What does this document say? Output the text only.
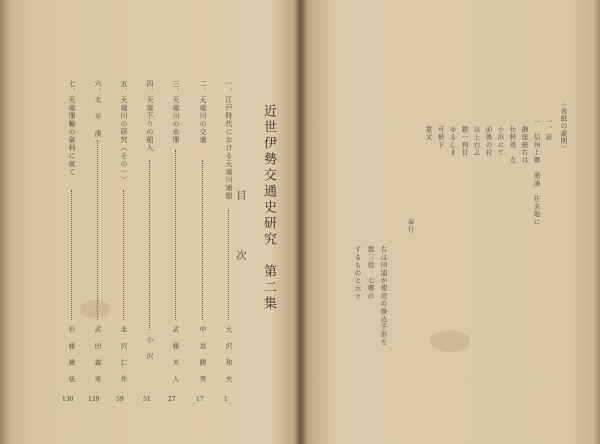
近世伊勢交通史研究　第二集
目
次
一、
江戸時代における天竜川通船
大 沢 和 夫
1
二、
天竜川の交通
中 島 勝 男
17
三、
天竜川の水運
武 藤 米 人
27
四、
天竜下りの船入
小 沢
51
五、
天竜川の研究（その一）
北 沢 仁 作
59
六、
太 平 湊
武 田 義 実
129
七、
天竜運輸の資料に就て
杉 藤 鍬 伍
130
〈表紙の説明〉
一、証
一　信州上郷　通湊　往来地に
　御座候右は
　仕候処　左
　小浜にて
　前後の村
　以上右之
　銀一判目
　ゆるしま
　可被下
　寛文
　　　　　　　　　　　　　奉行
右は同浦が使用の掛込手形を
郡三役　七郷の
するものと云々
